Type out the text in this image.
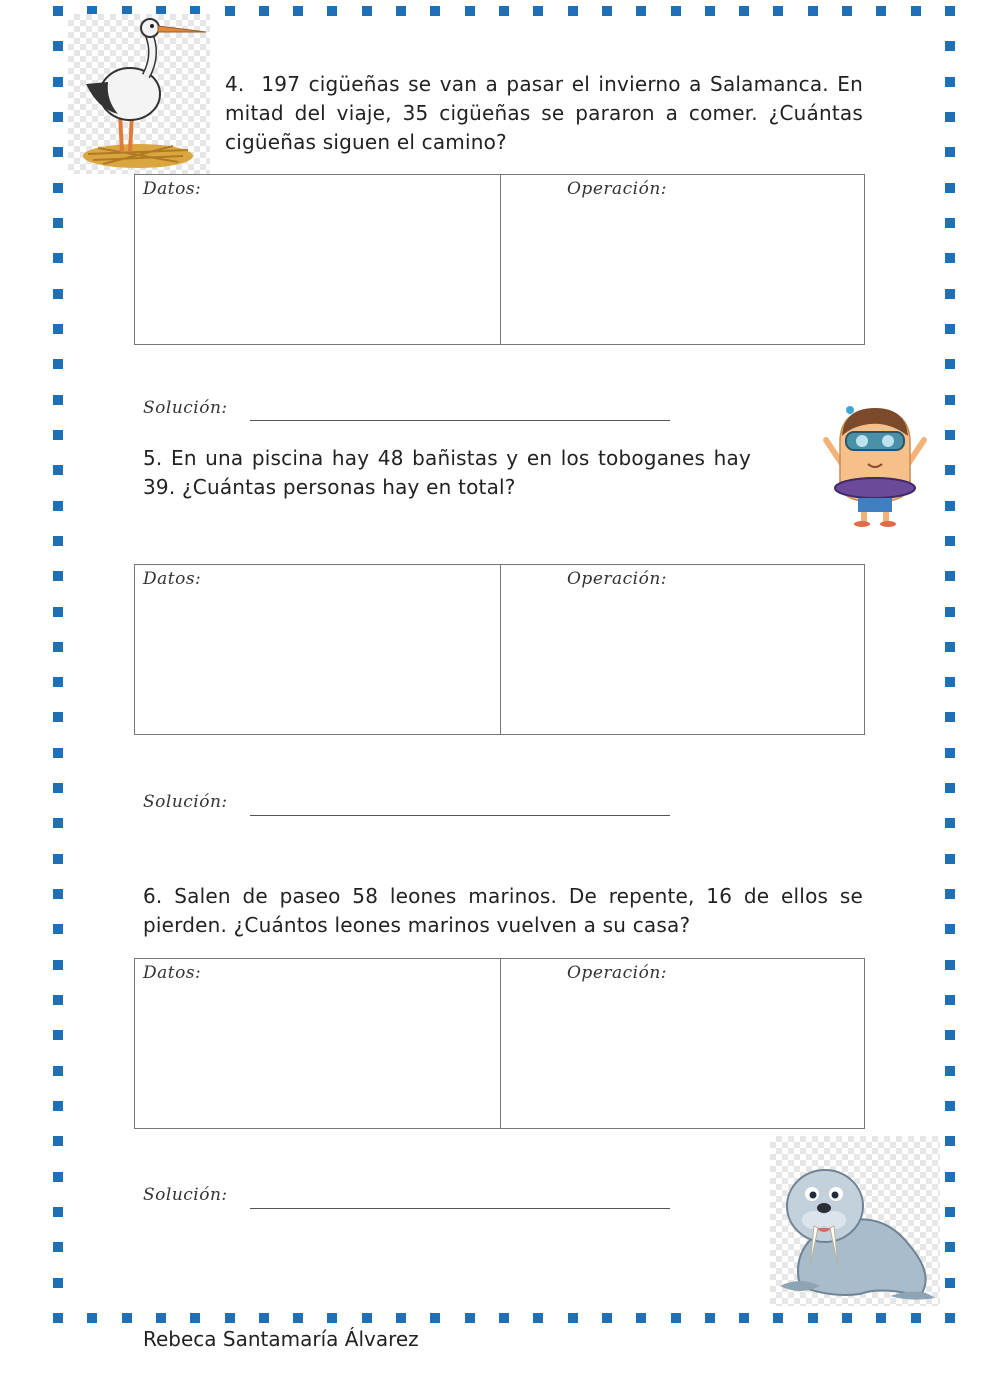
4. 197 cigüeñas se van a pasar el invierno a Salamanca. En mitad del viaje, 35 cigüeñas se pararon a comer. ¿Cuántas cigüeñas siguen el camino?
Datos:	Operación:
Solución:
5. En una piscina hay 48 bañistas y en los toboganes hay 39. ¿Cuántas personas hay en total?
Datos:	Operación:
Solución:
6. Salen de paseo 58 leones marinos. De repente, 16 de ellos se pierden. ¿Cuántos leones marinos vuelven a su casa?
Datos:	Operación:
Solución:
Rebeca Santamaría Álvarez
